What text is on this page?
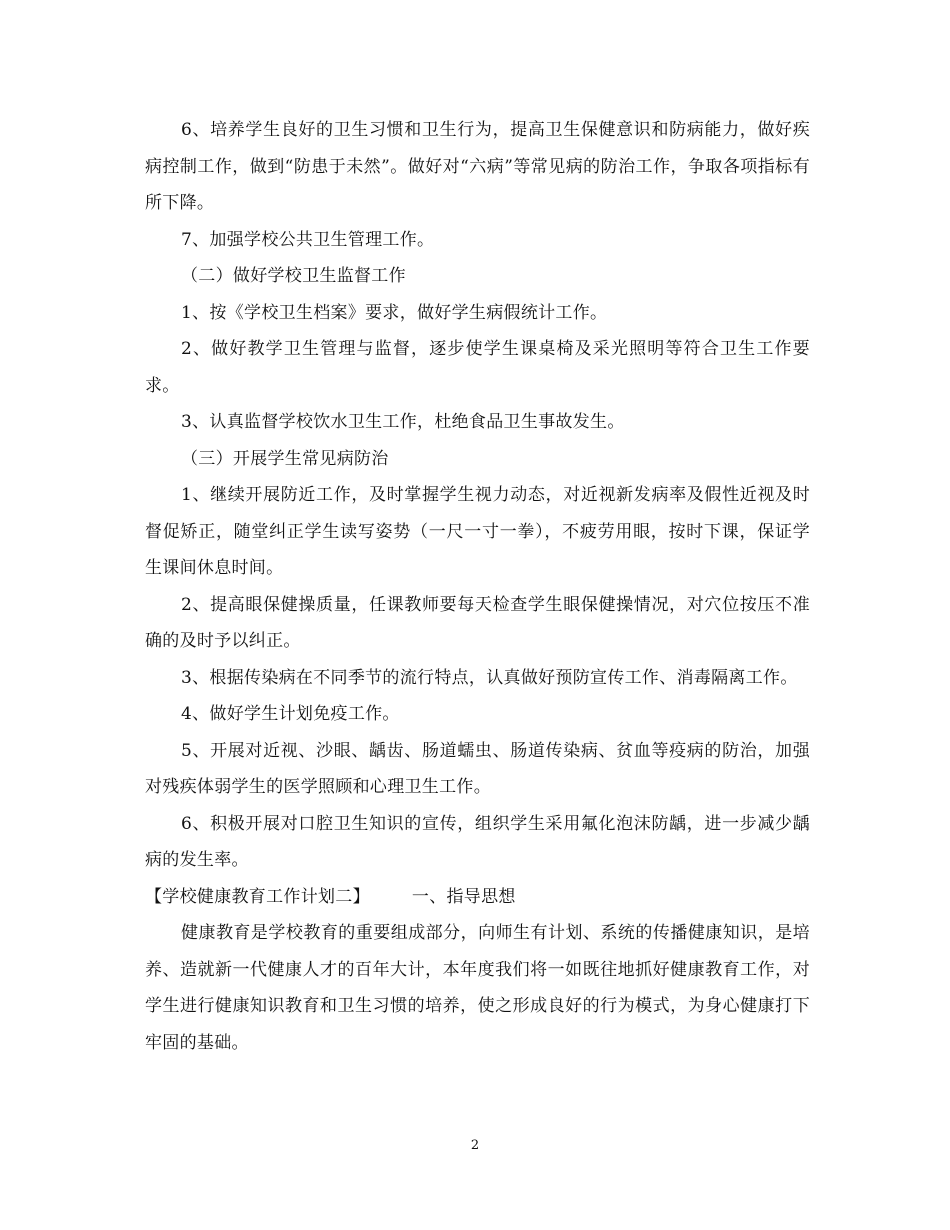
6、培养学生良好的卫生习惯和卫生行为，提高卫生保健意识和防病能力，做好疾病控制工作，做到“防患于未然”。做好对“六病”等常见病的防治工作，争取各项指标有所下降。

7、加强学校公共卫生管理工作。

（二）做好学校卫生监督工作

1、按《学校卫生档案》要求，做好学生病假统计工作。

2、做好教学卫生管理与监督，逐步使学生课桌椅及采光照明等符合卫生工作要求。

3、认真监督学校饮水卫生工作，杜绝食品卫生事故发生。

（三）开展学生常见病防治

1、继续开展防近工作，及时掌握学生视力动态，对近视新发病率及假性近视及时督促矫正，随堂纠正学生读写姿势（一尺一寸一拳），不疲劳用眼，按时下课，保证学生课间休息时间。

2、提高眼保健操质量，任课教师要每天检查学生眼保健操情况，对穴位按压不准确的及时予以纠正。

3、根据传染病在不同季节的流行特点，认真做好预防宣传工作、消毒隔离工作。

4、做好学生计划免疫工作。

5、开展对近视、沙眼、龋齿、肠道蠕虫、肠道传染病、贫血等疫病的防治，加强对残疾体弱学生的医学照顾和心理卫生工作。

6、积极开展对口腔卫生知识的宣传，组织学生采用氟化泡沫防龋，进一步减少龋病的发生率。

【学校健康教育工作计划二】 一、指导思想

健康教育是学校教育的重要组成部分，向师生有计划、系统的传播健康知识，是培养、造就新一代健康人才的百年大计，本年度我们将一如既往地抓好健康教育工作，对学生进行健康知识教育和卫生习惯的培养，使之形成良好的行为模式，为身心健康打下牢固的基础。

2
